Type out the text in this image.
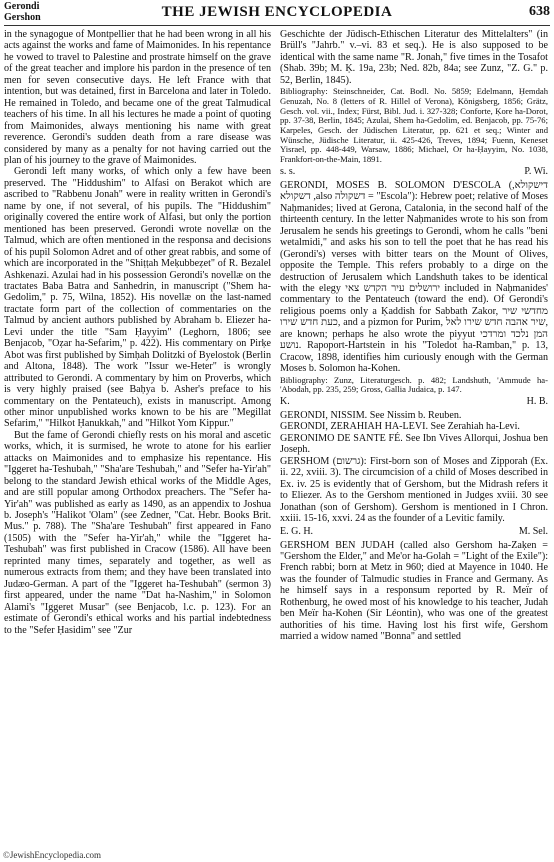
Gerondi
Gershon	THE JEWISH ENCYCLOPEDIA	638

in the synagogue of Montpellier that he had been wrong in all his acts against the works and fame of Maimonides. In his repentance he vowed to travel to Palestine and prostrate himself on the grave of the great teacher and implore his pardon in the presence of ten men for seven consecutive days. He left France with that intention, but was detained, first in Barcelona and later in Toledo. He remained in Toledo, and became one of the great Talmudical teachers of his time. In all his lectures he made a point of quoting from Maimonides, always mentioning his name with great reverence. Gerondi's sudden death from a rare disease was considered by many as a penalty for not having carried out the plan of his journey to the grave of Maimonides.

Gerondi left many works, of which only a few have been preserved. The "Hiddushim" to Alfasi on Berakot which are ascribed to "Rabbenu Jonah" were in reality written in Gerondi's name by one, if not several, of his pupils. The "Hiddushim" originally covered the entire work of Alfasi, but only the portion mentioned has been preserved. Gerondi wrote novellæ on the Talmud, which are often mentioned in the responsa and decisions of his pupil Solomon Adret and of other great rabbis, and some of which are incorporated in the "Shiṭṭah Meḳubbeẓet" of R. Bezalel Ashkenazi. Azulai had in his possession Gerondi's novellæ on the tractates Baba Batra and Sanhedrin, in manuscript ("Shem ha-Gedolim," p. 75, Wilna, 1852). His novellæ on the last-named tractate form part of the collection of commentaries on the Talmud by ancient authors published by Abraham b. Eliezer ha-Levi under the title "Sam Ḥayyim" (Leghorn, 1806; see Benjacob, "Oẓar ha-Sefarim," p. 422). His commentary on Pirḳe Abot was first published by Simḥah Dolitzki of Byelostok (Berlin and Altona, 1848). The work "Issur we-Heter" is wrongly attributed to Gerondi. A commentary by him on Proverbs, which is very highly praised (see Baḥya b. Asher's preface to his commentary on the Pentateuch), exists in manuscript. Among other minor unpublished works known to be his are "Megillat Sefarim," "Hilkot Ḥanukkah," and "Hilkot Yom Kippur."

But the fame of Gerondi chiefly rests on his moral and ascetic works, which, it is surmised, he wrote to atone for his earlier attacks on Maimonides and to emphasize his repentance. His "Iggeret ha-Teshubah," "Sha'are Teshubah," and "Sefer ha-Yir'ah" belong to the standard Jewish ethical works of the Middle Ages, and are still popular among Orthodox preachers. The "Sefer ha-Yir'ah" was published as early as 1490, as an appendix to Joshua b. Joseph's "Halikot 'Olam" (see Zedner, "Cat. Hebr. Books Brit. Mus." p. 788). The "Sha'are Teshubah" first appeared in Fano (1505) with the "Sefer ha-Yir'ah," while the "Iggeret ha-Teshubah" was first published in Cracow (1586). All have been reprinted many times, separately and together, as well as numerous extracts from them; and they have been translated into Judæo-German. A part of the "Iggeret ha-Teshubah" (sermon 3) first appeared, under the name "Dat ha-Nashim," in Solomon Alami's "Iggeret Musar" (see Benjacob, l.c. p. 123). For an estimate of Gerondi's ethical works and his partial indebtedness to the "Sefer Ḥasidim" see "Zur

Geschichte der Jüdisch-Ethischen Literatur des Mittelalters" (in Brüll's "Jahrb." v.–vi. 83 et seq.). He is also supposed to be identical with the same name "R. Jonah," five times in the Tosafot (Shab. 39b; M. Ḳ. 19a, 23b; Ned. 82b, 84a; see Zunz, "Z. G." p. 52, Berlin, 1845).

Bibliography: Steinschneider, Cat. Bodl. No. 5859; Edelmann, Ḥemdah Genuzah, No. 8 (letters of R. Hillel of Verona), Königsberg, 1856; Grätz, Gesch. vol. vii., Index; Fürst, Bibl. Jud. i. 327-328; Conforte, Ḳore ha-Dorot, pp. 37-38, Berlin, 1845; Azulai, Shem ha-Gedolim, ed. Benjacob, pp. 75-76; Karpeles, Gesch. der Jüdischen Literatur, pp. 621 et seq.; Winter and Wünsche, Jüdische Literatur, ii. 425-426, Treves, 1894; Fuenn, Keneset Yisrael, pp. 448-449, Warsaw, 1886; Michael, Or ha-Ḥayyim, No. 1038, Frankfort-on-the-Main, 1891.

s. s.	P. Wi.

GERONDI, MOSES B. SOLOMON D'ESCOLA (דישקולא, דשקולא ,also דשקולה = "Escola"): Hebrew poet; relative of Moses Naḥmanides; lived at Gerona, Catalonia, in the second half of the thirteenth century. In the letter Naḥmanides wrote to his son from Jerusalem he sends his greetings to Gerondi, whom he calls "beni wetalmidi," and asks his son to tell the poet that he has read his (Gerondi's) verses with bitter tears on the Mount of Olives, opposite the Temple. This refers probably to a dirge on the destruction of Jerusalem which Landshuth takes to be identical with the elegy ירושלים עיר הקדש צאי included in Naḥmanides' commentary to the Pentateuch (toward the end). Of Gerondi's religious poems only a Ḳaddish for Sabbath Zakor, מחדשי שיר כעת חדש שירו, and a pizmon for Purim, שיר אהבה חדש שירו לאל, are known; perhaps he also wrote the piyyut המן נלכד ומרדכי נושע. Rapoport-Hartstein in his "Toledot ha-Ramban," p. 13, Cracow, 1898, identifies him curiously enough with the German Moses b. Solomon ha-Kohen.

Bibliography: Zunz, Literaturgesch. p. 482; Landshuth, 'Ammude ha-'Abodah, pp. 235, 259; Gross, Gallia Judaica, p. 147.

K.	H. B.

GERONDI, NISSIM. See Nissim b. Reuben.

GERONDI, ZERAHIAH HA-LEVI. See Zerahiah ha-Levi.

GERONIMO DE SANTE FÉ. See Ibn Vives Allorqui, Joshua ben Joseph.

GERSHOM (גרשום): First-born son of Moses and Zipporah (Ex. ii. 22, xviii. 3). The circumcision of a child of Moses described in Ex. iv. 25 is evidently that of Gershom, but the Midrash refers it to Eliezer. As to the Gershom mentioned in Judges xviii. 30 see Jonathan (son of Gershom). Gershom is mentioned in I Chron. xxiii. 15-16, xxvi. 24 as the founder of a Levitic family.

E. G. H.	M. Sel.

GERSHOM BEN JUDAH (called also Gershom ha-Zaḳen = "Gershom the Elder," and Me'or ha-Golah = "Light of the Exile"): French rabbi; born at Metz in 960; died at Mayence in 1040. He was the founder of Talmudic studies in France and Germany. As he himself says in a responsum reported by R. Meïr of Rothenburg, he owed most of his knowledge to his teacher, Judah ben Meïr ha-Kohen (Sir Léontin), who was one of the greatest authorities of his time. Having lost his first wife, Gershom married a widow named "Bonna" and settled

©JewishEncyclopedia.com
